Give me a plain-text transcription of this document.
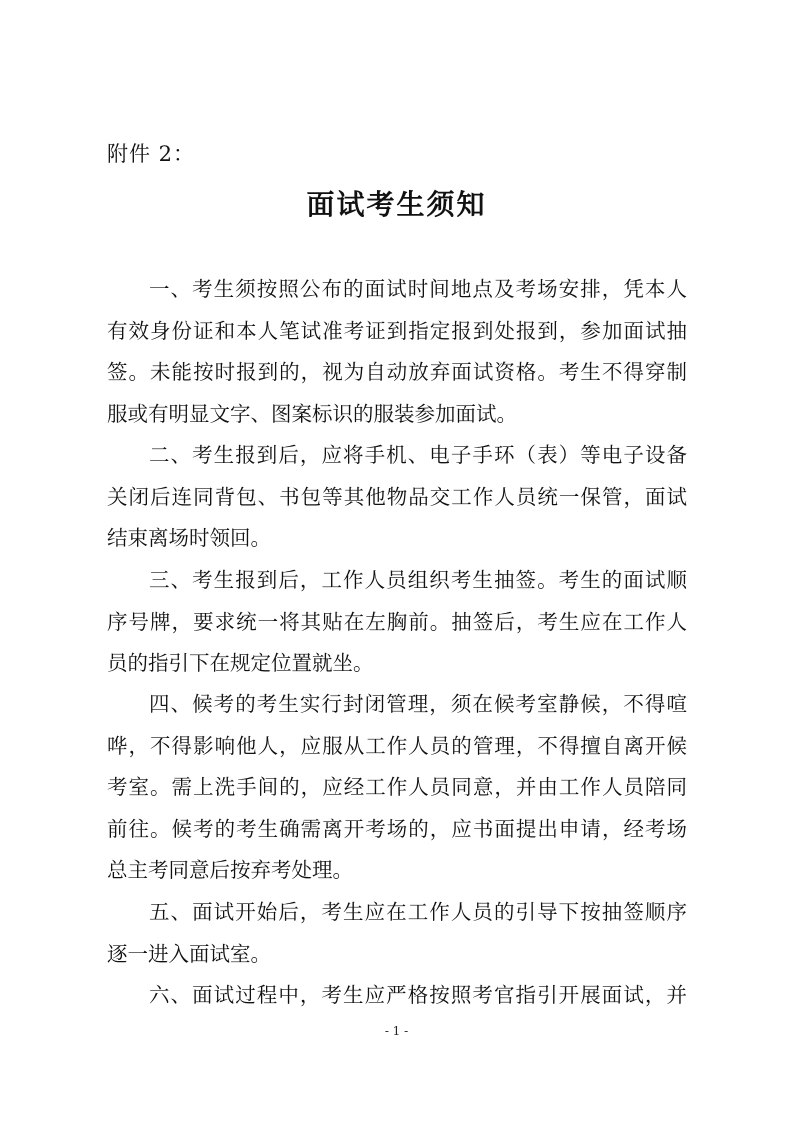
附件 2：
面试考生须知

一、考生须按照公布的面试时间地点及考场安排，凭本人
有效身份证和本人笔试准考证到指定报到处报到，参加面试抽
签。未能按时报到的，视为自动放弃面试资格。考生不得穿制
服或有明显文字、图案标识的服装参加面试。

二、考生报到后，应将手机、电子手环（表）等电子设备
关闭后连同背包、书包等其他物品交工作人员统一保管，面试
结束离场时领回。

三、考生报到后，工作人员组织考生抽签。考生的面试顺
序号牌，要求统一将其贴在左胸前。抽签后，考生应在工作人
员的指引下在规定位置就坐。

四、候考的考生实行封闭管理，须在候考室静候，不得喧
哗，不得影响他人，应服从工作人员的管理，不得擅自离开候
考室。需上洗手间的，应经工作人员同意，并由工作人员陪同
前往。候考的考生确需离开考场的，应书面提出申请，经考场
总主考同意后按弃考处理。

五、面试开始后，考生应在工作人员的引导下按抽签顺序
逐一进入面试室。

六、面试过程中，考生应严格按照考官指引开展面试，并

- 1 -
